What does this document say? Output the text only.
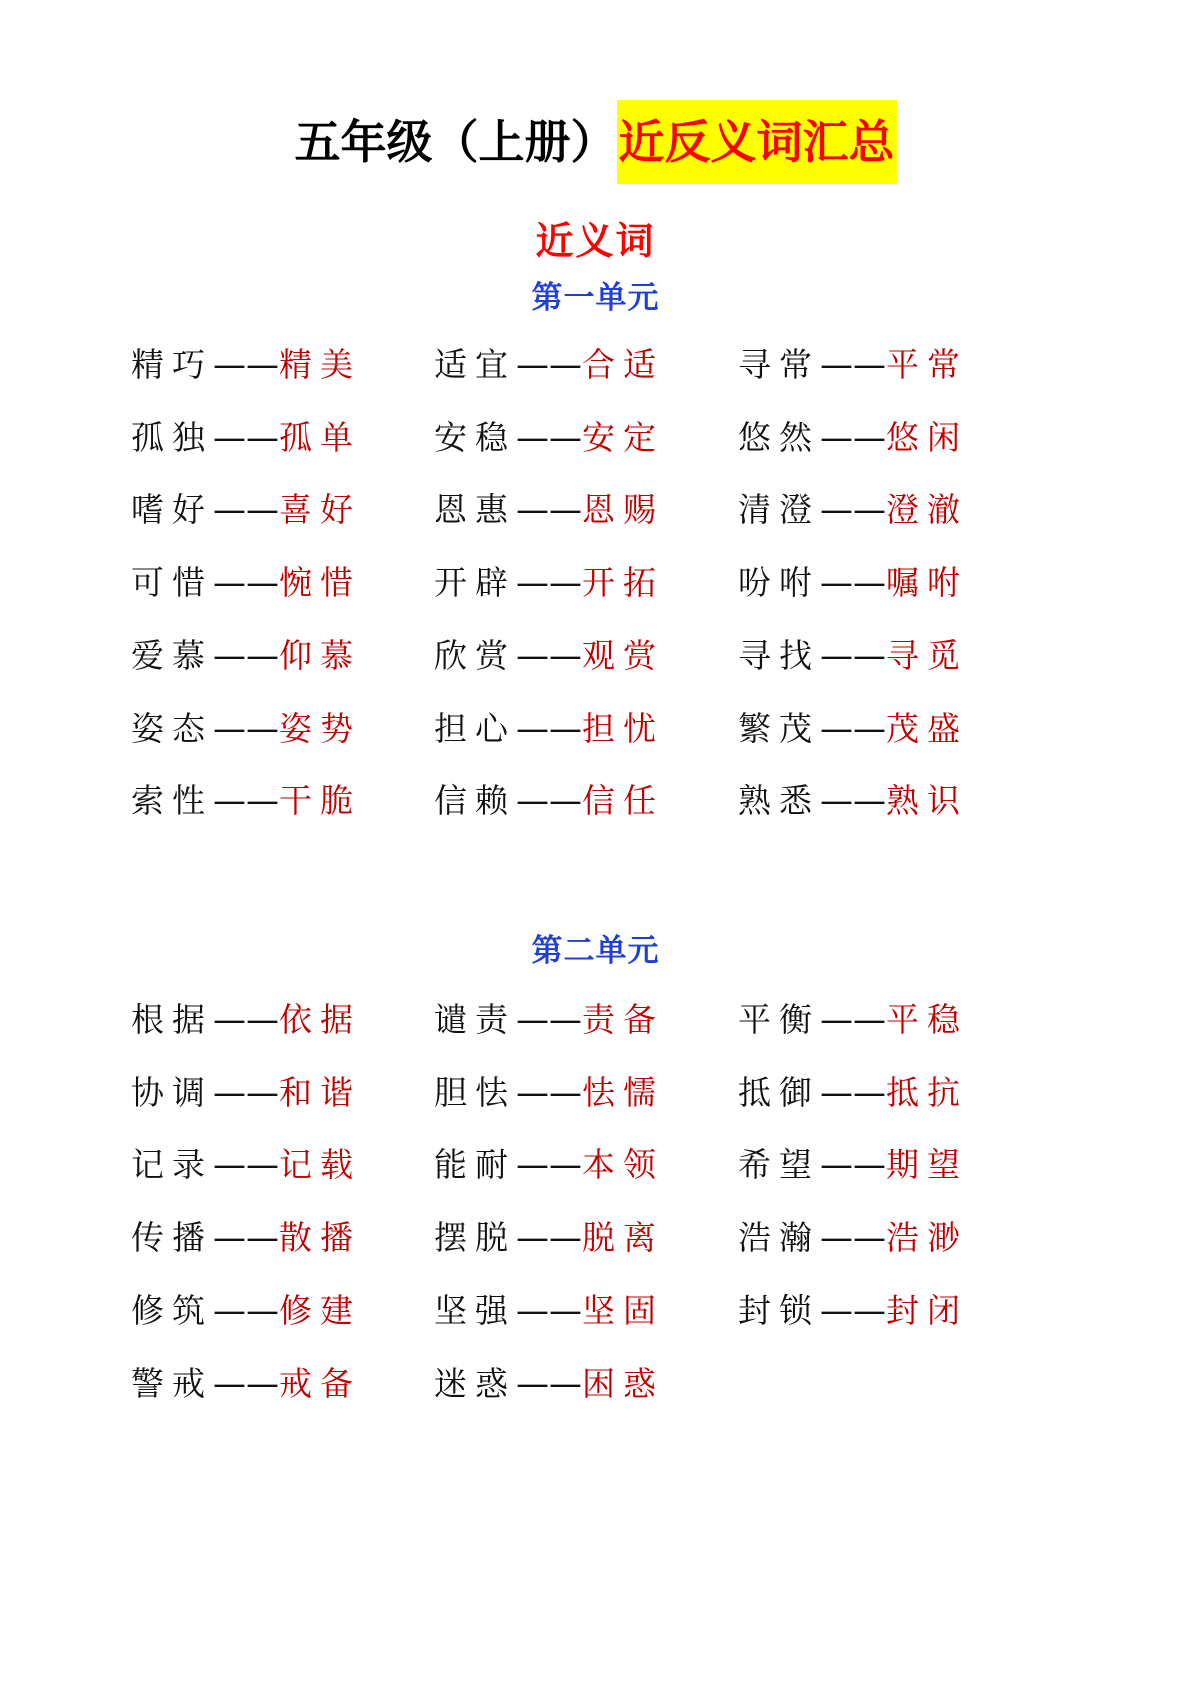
五年级（上册）近反义词汇总
近义词
第一单元
精巧——精美 适宜——合适 寻常——平常
孤独——孤单 安稳——安定 悠然——悠闲
嗜好——喜好 恩惠——恩赐 清澄——澄澈
可惜——惋惜 开辟——开拓 吩咐——嘱咐
爱慕——仰慕 欣赏——观赏 寻找——寻觅
姿态——姿势 担心——担忧 繁茂——茂盛
索性——干脆 信赖——信任 熟悉——熟识
第二单元
根据——依据 谴责——责备 平衡——平稳
协调——和谐 胆怯——怯懦 抵御——抵抗
记录——记载 能耐——本领 希望——期望
传播——散播 摆脱——脱离 浩瀚——浩渺
修筑——修建 坚强——坚固 封锁——封闭
警戒——戒备 迷惑——困惑
